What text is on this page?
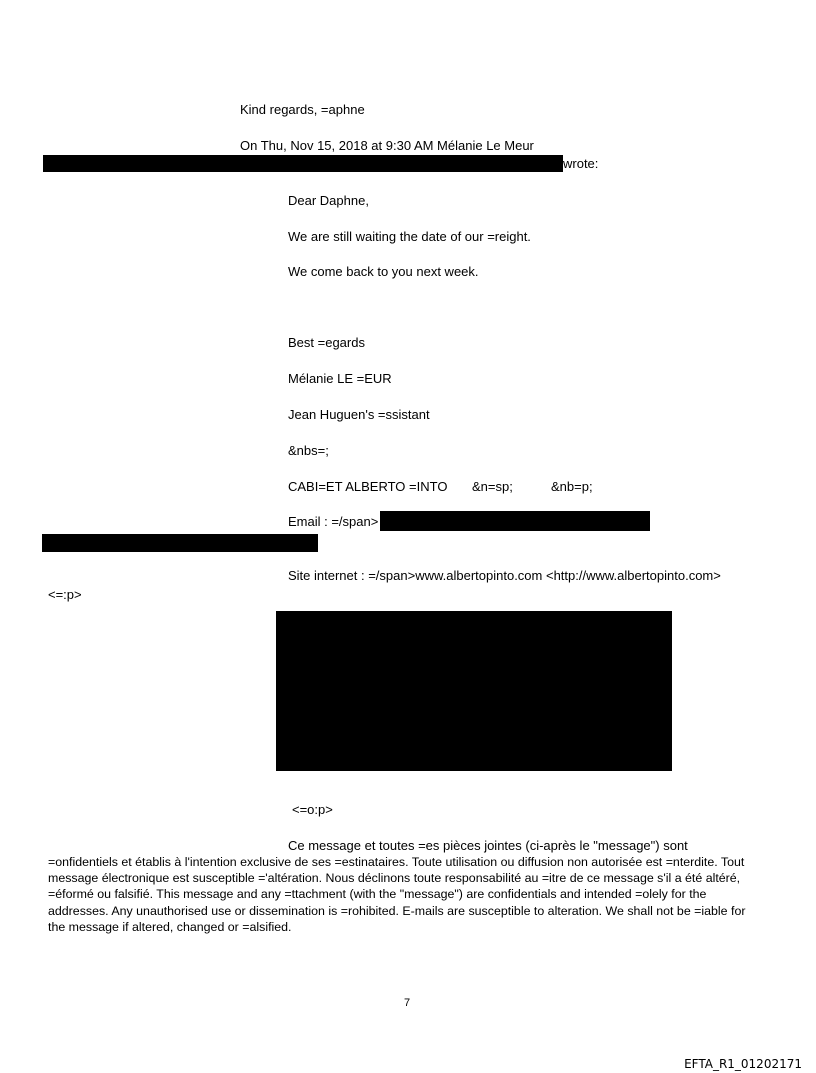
Kind regards, =aphne
On Thu, Nov 15, 2018 at 9:30 AM Mélanie Le Meur
wrote:
Dear Daphne,
We are still waiting the date of our =reight.
We come back to you next week.
Best =egards
Mélanie LE =EUR
Jean Huguen's =ssistant
&nbs=;
CABI=ET ALBERTO =INTO &n=sp;	&nb=p;
Email : =/span>
Site internet : =/span>www.albertopinto.com <http://www.albertopinto.com>
<=:p>
<=o:p>
Ce message et toutes =es pièces jointes (ci-après le "message") sont
=onfidentiels et établis à l'intention exclusive de ses =estinataires. Toute utilisation ou diffusion non autorisée est =nterdite. Tout message électronique est susceptible ='altération. Nous déclinons toute responsabilité au =itre de ce message s'il a été altéré, =éformé ou falsifié. This message and any =ttachment (with the "message") are confidentials and intended =olely for the addresses. Any unauthorised use or dissemination is =rohibited. E-mails are susceptible to alteration. We shall not be =iable for the message if altered, changed or =alsified.
7
EFTA_R1_01202171
